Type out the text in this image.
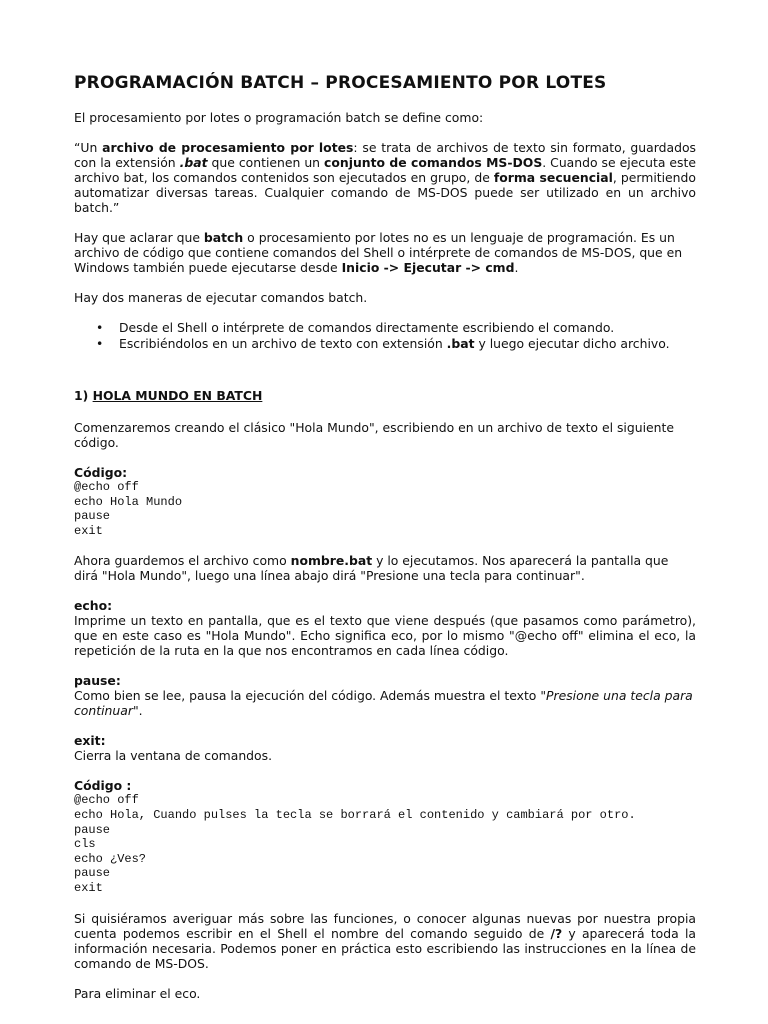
PROGRAMACIÓN BATCH – PROCESAMIENTO POR LOTES

El procesamiento por lotes o programación batch se define como:

“Un archivo de procesamiento por lotes: se trata de archivos de texto sin formato, guardados con la extensión .bat que contienen un conjunto de comandos MS-DOS. Cuando se ejecuta este archivo bat, los comandos contenidos son ejecutados en grupo, de forma secuencial, permitiendo automatizar diversas tareas. Cualquier comando de MS-DOS puede ser utilizado en un archivo batch.”

Hay que aclarar que batch o procesamiento por lotes no es un lenguaje de programación. Es un archivo de código que contiene comandos del Shell o intérprete de comandos de MS-DOS, que en Windows también puede ejecutarse desde Inicio -> Ejecutar -> cmd.

Hay dos maneras de ejecutar comandos batch.

• Desde el Shell o intérprete de comandos directamente escribiendo el comando.
• Escribiéndolos en un archivo de texto con extensión .bat y luego ejecutar dicho archivo.
1) HOLA MUNDO EN BATCH

Comenzaremos creando el clásico "Hola Mundo", escribiendo en un archivo de texto el siguiente código.

Código:
@echo off
echo Hola Mundo
pause
exit

Ahora guardemos el archivo como nombre.bat y lo ejecutamos. Nos aparecerá la pantalla que dirá "Hola Mundo", luego una línea abajo dirá "Presione una tecla para continuar".

echo:
Imprime un texto en pantalla, que es el texto que viene después (que pasamos como parámetro), que en este caso es "Hola Mundo". Echo significa eco, por lo mismo "@echo off" elimina el eco, la repetición de la ruta en la que nos encontramos en cada línea código.
pause:
Como bien se lee, pausa la ejecución del código. Además muestra el texto "Presione una tecla para continuar".
exit:
Cierra la ventana de comandos.
Código :
@echo off
echo Hola, Cuando pulses la tecla se borrará el contenido y cambiará por otro.
pause
cls
echo ¿Ves?
pause
exit

Si quisiéramos averiguar más sobre las funciones, o conocer algunas nuevas por nuestra propia cuenta podemos escribir en el Shell el nombre del comando seguido de /? y aparecerá toda la información necesaria. Podemos poner en práctica esto escribiendo las instrucciones en la línea de comando de MS-DOS.

Para eliminar el eco.
